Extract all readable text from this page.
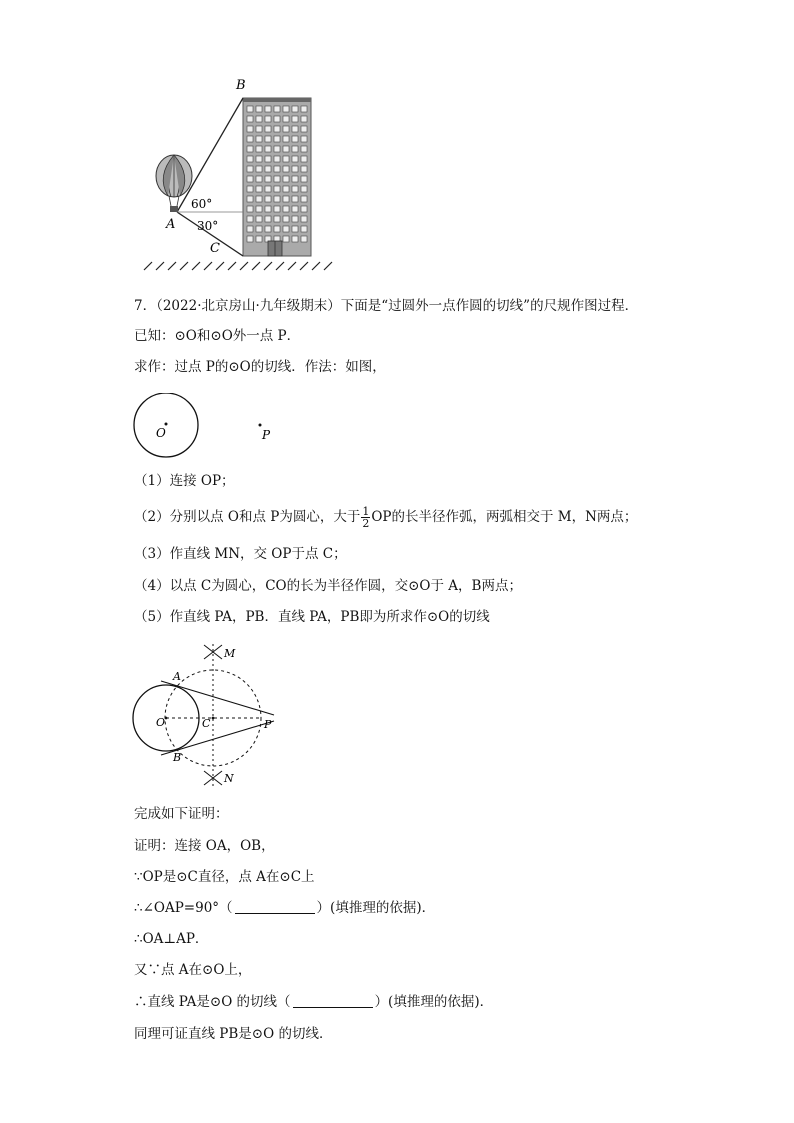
B
A
C
60°
30°
7．（2022·北京房山·九年级期末）下面是“过圆外一点作圆的切线”的尺规作图过程．
已知：⊙O和⊙O外一点 P．
求作：过点 P的⊙O的切线．作法：如图，
O	P
（1）连接 OP；
（2）分别以点 O和点 P为圆心，大于 $\frac{1}{2}$ OP的长半径作弧，两弧相交于 M，N两点；
（3）作直线 MN，交 OP于点 C；
（4）以点 C为圆心，CO的长为半径作圆，交⊙O于 A，B两点；
（5）作直线 PA，PB．直线 PA，PB即为所求作⊙O的切线
M
A
O	C	P
B
N
完成如下证明：
证明：连接 OA，OB，
∵OP是⊙C直径，点 A在⊙C上
∴∠OAP=90°（	）(填推理的依据)．
∴OA⊥AP．
又∵点 A在⊙O上，
∴直线 PA是⊙O 的切线（	）(填推理的依据)．
同理可证直线 PB是⊙O 的切线．
